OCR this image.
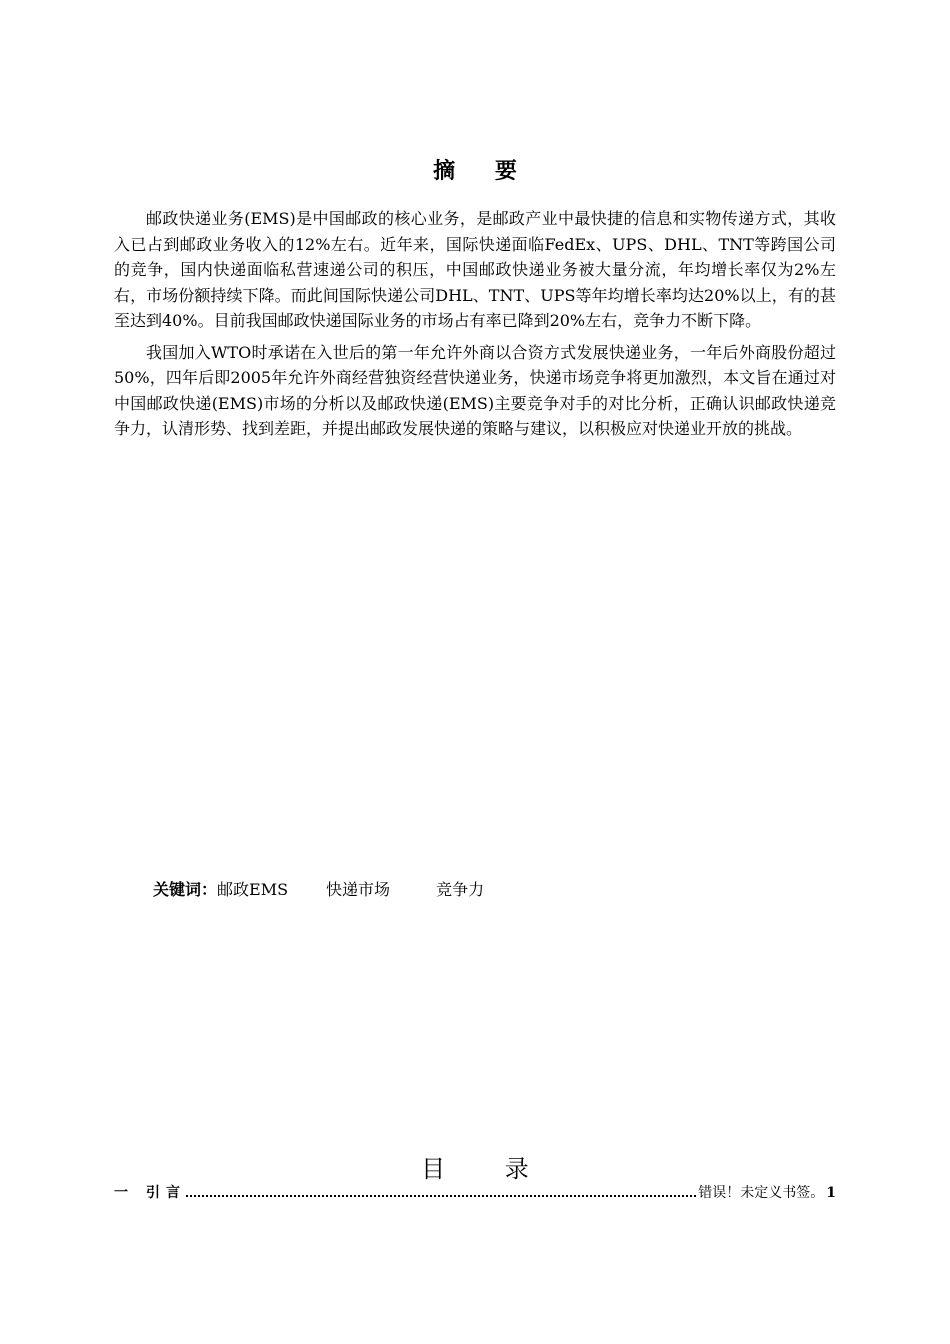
摘 要

邮政快递业务(EMS)是中国邮政的核心业务，是邮政产业中最快捷的信息和实物传递方式，其收入已占到邮政业务收入的12%左右。近年来，国际快递面临FedEx、UPS、DHL、TNT等跨国公司的竞争，国内快递面临私营速递公司的积压，中国邮政快递业务被大量分流，年均增长率仅为2%左右，市场份额持续下降。而此间国际快递公司DHL、TNT、UPS等年均增长率均达20%以上，有的甚至达到40%。目前我国邮政快递国际业务的市场占有率已降到20%左右，竞争力不断下降。

我国加入WTO时承诺在入世后的第一年允许外商以合资方式发展快递业务，一年后外商股份超过50%，四年后即2005年允许外商经营独资经营快递业务，快递市场竞争将更加激烈，本文旨在通过对中国邮政快递(EMS)市场的分析以及邮政快递(EMS)主要竞争对手的对比分析，正确认识邮政快递竞争力，认清形势、找到差距，并提出邮政发展快递的策略与建议，以积极应对快递业开放的挑战。

关键词：邮政EMS 快递市场	竞争力
目 录
一 引言	错误！未定义书签。 1
